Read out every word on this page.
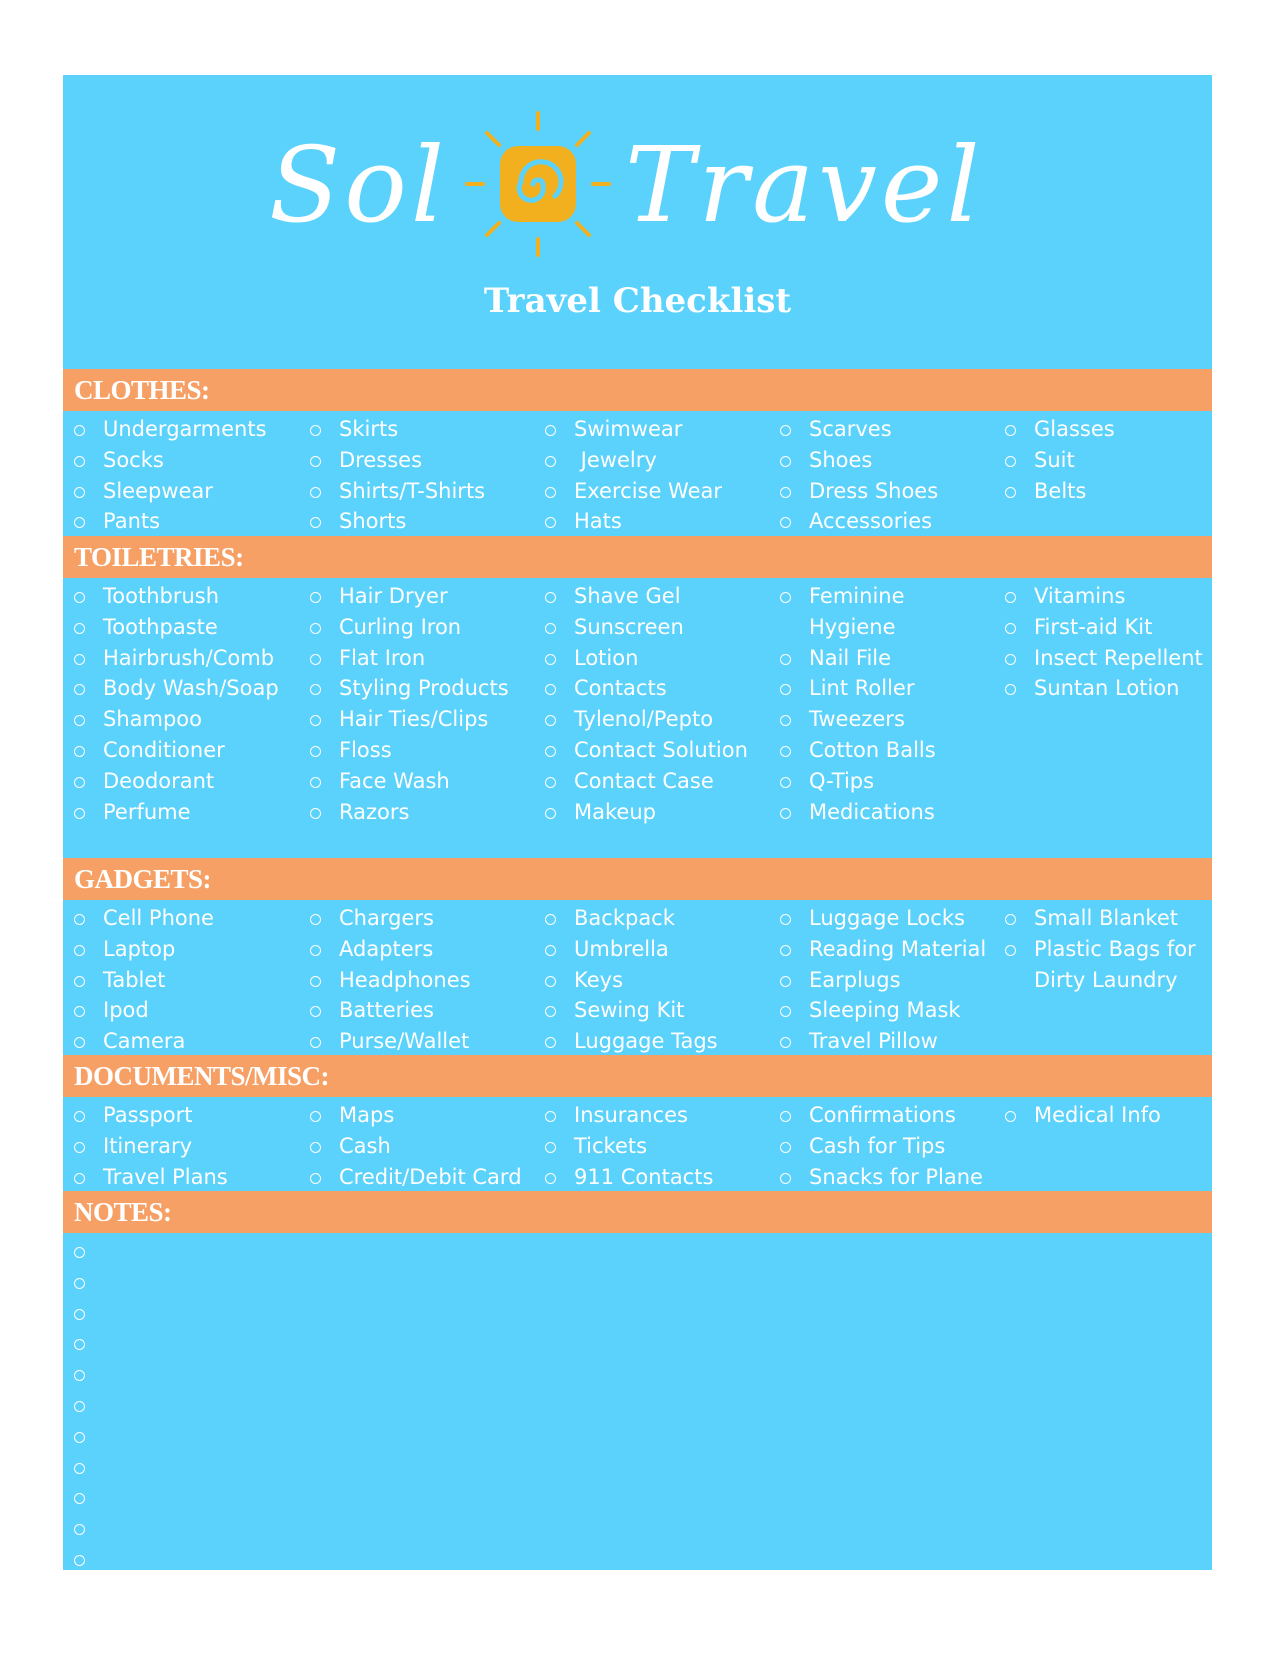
Sol Travel
Travel Checklist
CLOTHES:
Undergarments
Socks
Sleepwear
Pants
Skirts
Dresses
Shirts/T-Shirts
Shorts
Swimwear
Jewelry
Exercise Wear
Hats
Scarves
Shoes
Dress Shoes
Accessories
Glasses
Suit
Belts
TOILETRIES:
Toothbrush
Toothpaste
Hairbrush/Comb
Body Wash/Soap
Shampoo
Conditioner
Deodorant
Perfume
Hair Dryer
Curling Iron
Flat Iron
Styling Products
Hair Ties/Clips
Floss
Face Wash
Razors
Shave Gel
Sunscreen
Lotion
Contacts
Tylenol/Pepto
Contact Solution
Contact Case
Makeup
Feminine
Hygiene
Nail File
Lint Roller
Tweezers
Cotton Balls
Q-Tips
Medications
Vitamins
First-aid Kit
Insect Repellent
Suntan Lotion
GADGETS:
Cell Phone
Laptop
Tablet
Ipod
Camera
Chargers
Adapters
Headphones
Batteries
Purse/Wallet
Backpack
Umbrella
Keys
Sewing Kit
Luggage Tags
Luggage Locks
Reading Material
Earplugs
Sleeping Mask
Travel Pillow
Small Blanket
Plastic Bags for
Dirty Laundry
DOCUMENTS/MISC:
Passport
Itinerary
Travel Plans
Maps
Cash
Credit/Debit Card
Insurances
Tickets
911 Contacts
Confirmations
Cash for Tips
Snacks for Plane
Medical Info
NOTES:
